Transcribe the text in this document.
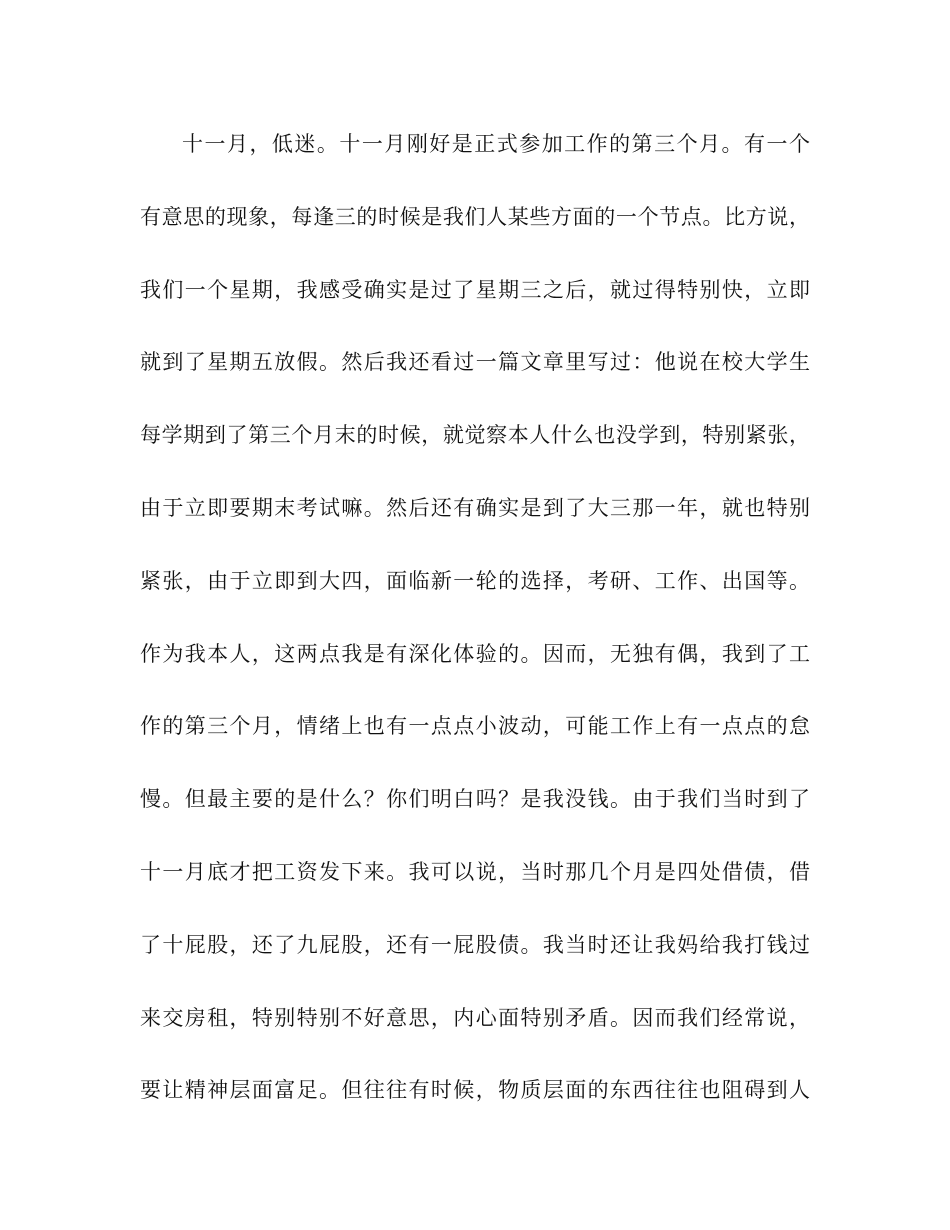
十一月，低迷。十一月刚好是正式参加工作的第三个月。有一个
有意思的现象，每逢三的时候是我们人某些方面的一个节点。比方说，
我们一个星期，我感受确实是过了星期三之后，就过得特别快，立即
就到了星期五放假。然后我还看过一篇文章里写过：他说在校大学生
每学期到了第三个月末的时候，就觉察本人什么也没学到，特别紧张，
由于立即要期末考试嘛。然后还有确实是到了大三那一年，就也特别
紧张，由于立即到大四，面临新一轮的选择，考研、工作、出国等。
作为我本人，这两点我是有深化体验的。因而，无独有偶，我到了工
作的第三个月，情绪上也有一点点小波动，可能工作上有一点点的怠
慢。但最主要的是什么？你们明白吗？是我没钱。由于我们当时到了
十一月底才把工资发下来。我可以说，当时那几个月是四处借债，借
了十屁股，还了九屁股，还有一屁股债。我当时还让我妈给我打钱过
来交房租，特别特别不好意思，内心面特别矛盾。因而我们经常说，
要让精神层面富足。但往往有时候，物质层面的东西往往也阻碍到人
